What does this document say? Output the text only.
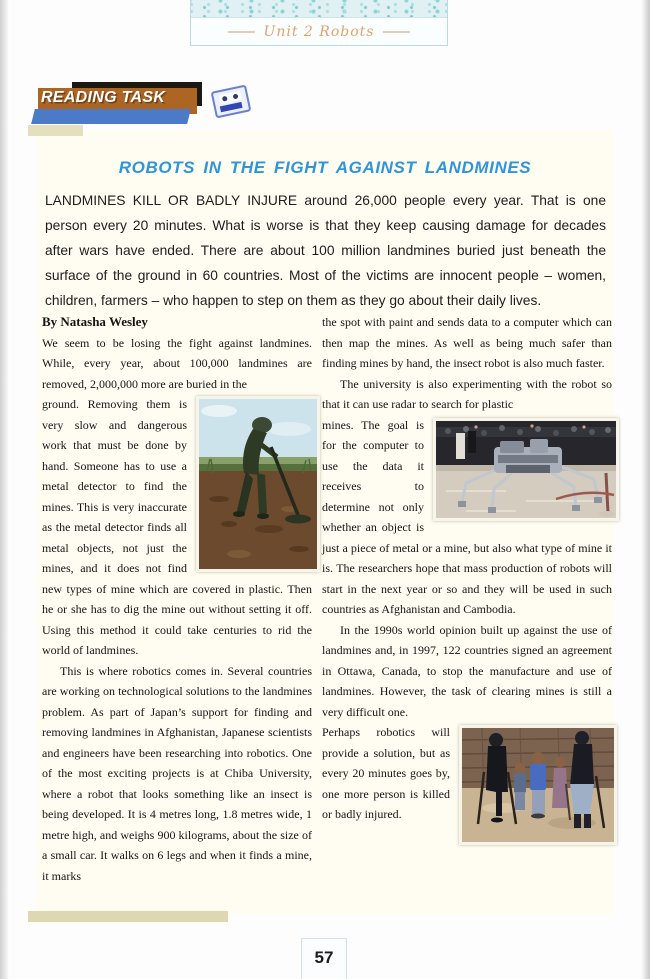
Unit 2 Robots
READING TASK
ROBOTS IN THE FIGHT AGAINST LANDMINES
LANDMINES KILL OR BADLY INJURE around 26,000 people every year. That is one person every 20 minutes. What is worse is that they keep causing damage for decades after wars have ended. There are about 100 million landmines buried just beneath the surface of the ground in 60 countries. Most of the victims are innocent people – women, children, farmers – who happen to step on them as they go about their daily lives.

By Natasha Wesley

We seem to be losing the fight against landmines. While, every year, about 100,000 landmines are removed, 2,000,000 more are buried in the

ground. Removing them is very slow and dangerous work that must be done by hand. Someone has to use a metal detector to find the mines. This is very inaccurate as the metal detector finds all metal objects, not just the mines, and it does not find new types of mine which are covered in plastic. Then he or she has to dig the mine out without setting it off. Using this method it could take centuries to rid the world of landmines.

This is where robotics comes in. Several countries are working on technological solutions to the landmines problem. As part of Japan’s support for finding and removing landmines in Afghanistan, Japanese scientists and engineers have been researching into robotics. One of the most exciting projects is at Chiba University, where a robot that looks something like an insect is being developed. It is 4 metres long, 1.8 metres wide, 1 metre high, and weighs 900 kilograms, about the size of a small car. It walks on 6 legs and when it finds a mine, it marks

the spot with paint and sends data to a computer which can then map the mines. As well as being much safer than finding mines by hand, the insect robot is also much faster.

The university is also experimenting with the robot so that it can use radar to search for plastic

mines. The goal is for the computer to use the data it receives to determine not only whether an object is just a piece of metal or a mine, but also what type of mine it is. The researchers hope that mass production of robots will start in the next year or so and they will be used in such countries as Afghanistan and Cambodia.

In the 1990s world opinion built up against the use of landmines and, in 1997, 122 countries signed an agreement in Ottawa, Canada, to stop the manufacture and use of landmines. However, the task of clearing mines is still a very difficult one.

Perhaps robotics will provide a solution, but as every 20 minutes goes by, one more person is killed or badly injured.

57
